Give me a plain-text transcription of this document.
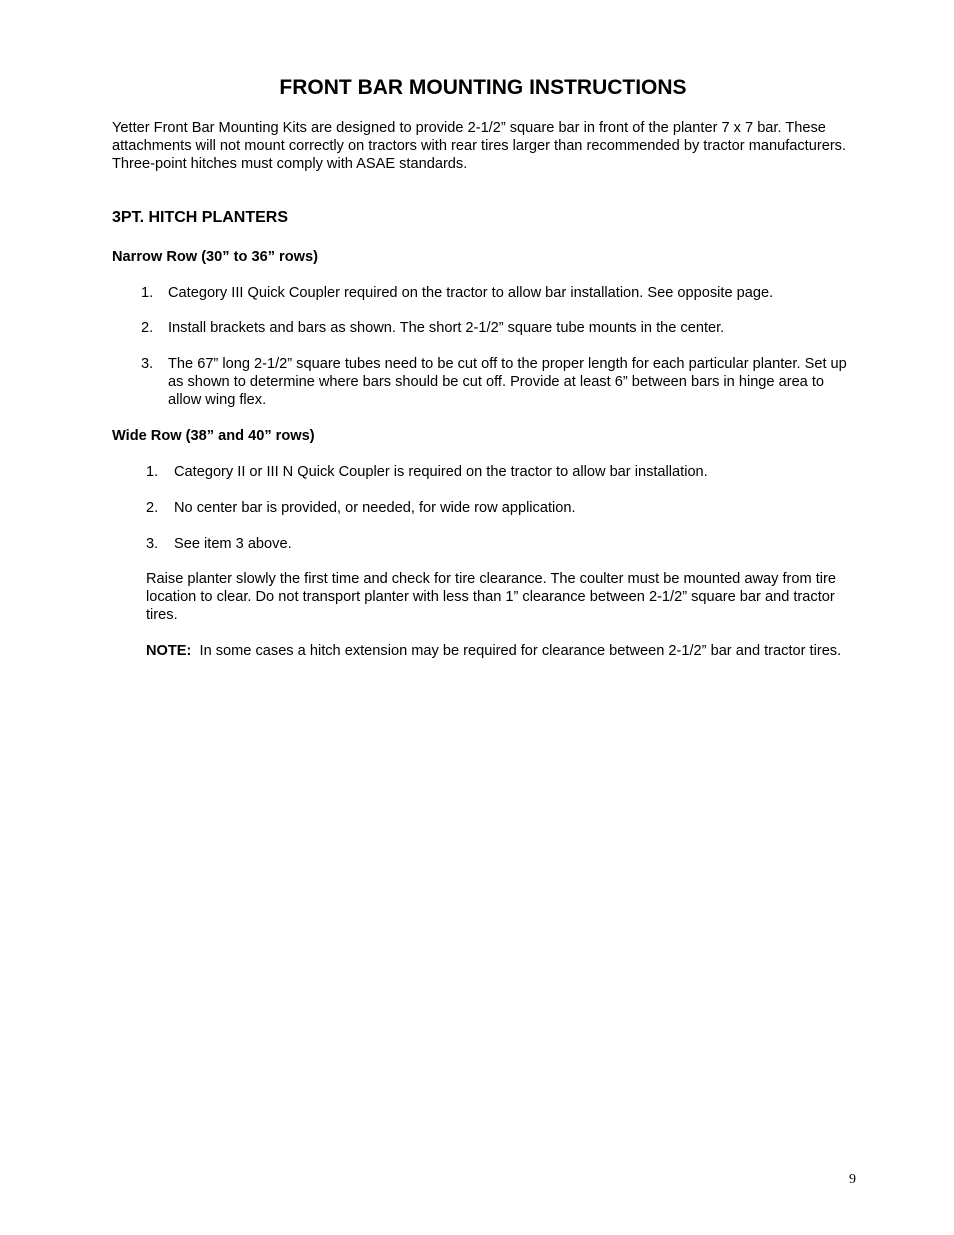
FRONT BAR MOUNTING INSTRUCTIONS

Yetter Front Bar Mounting Kits are designed to provide 2-1/2” square bar in front of the planter 7 x 7 bar. These attachments will not mount correctly on tractors with rear tires larger than recommended by tractor manufacturers. Three-point hitches must comply with ASAE standards.

3PT. HITCH PLANTERS
Narrow Row (30” to 36” rows)
1. Category III Quick Coupler required on the tractor to allow bar installation. See opposite page.
2. Install brackets and bars as shown. The short 2-1/2” square tube mounts in the center.
3. The 67” long 2-1/2” square tubes need to be cut off to the proper length for each particular planter. Set up as shown to determine where bars should be cut off. Provide at least 6” between bars in hinge area to allow wing flex.
Wide Row (38” and 40” rows)
1. Category II or III N Quick Coupler is required on the tractor to allow bar installation.
2. No center bar is provided, or needed, for wide row application.
3. See item 3 above.

Raise planter slowly the first time and check for tire clearance. The coulter must be mounted away from tire location to clear. Do not transport planter with less than 1” clearance between 2-1/2” square bar and tractor tires.

NOTE: In some cases a hitch extension may be required for clearance between 2-1/2” bar and tractor tires.

9
